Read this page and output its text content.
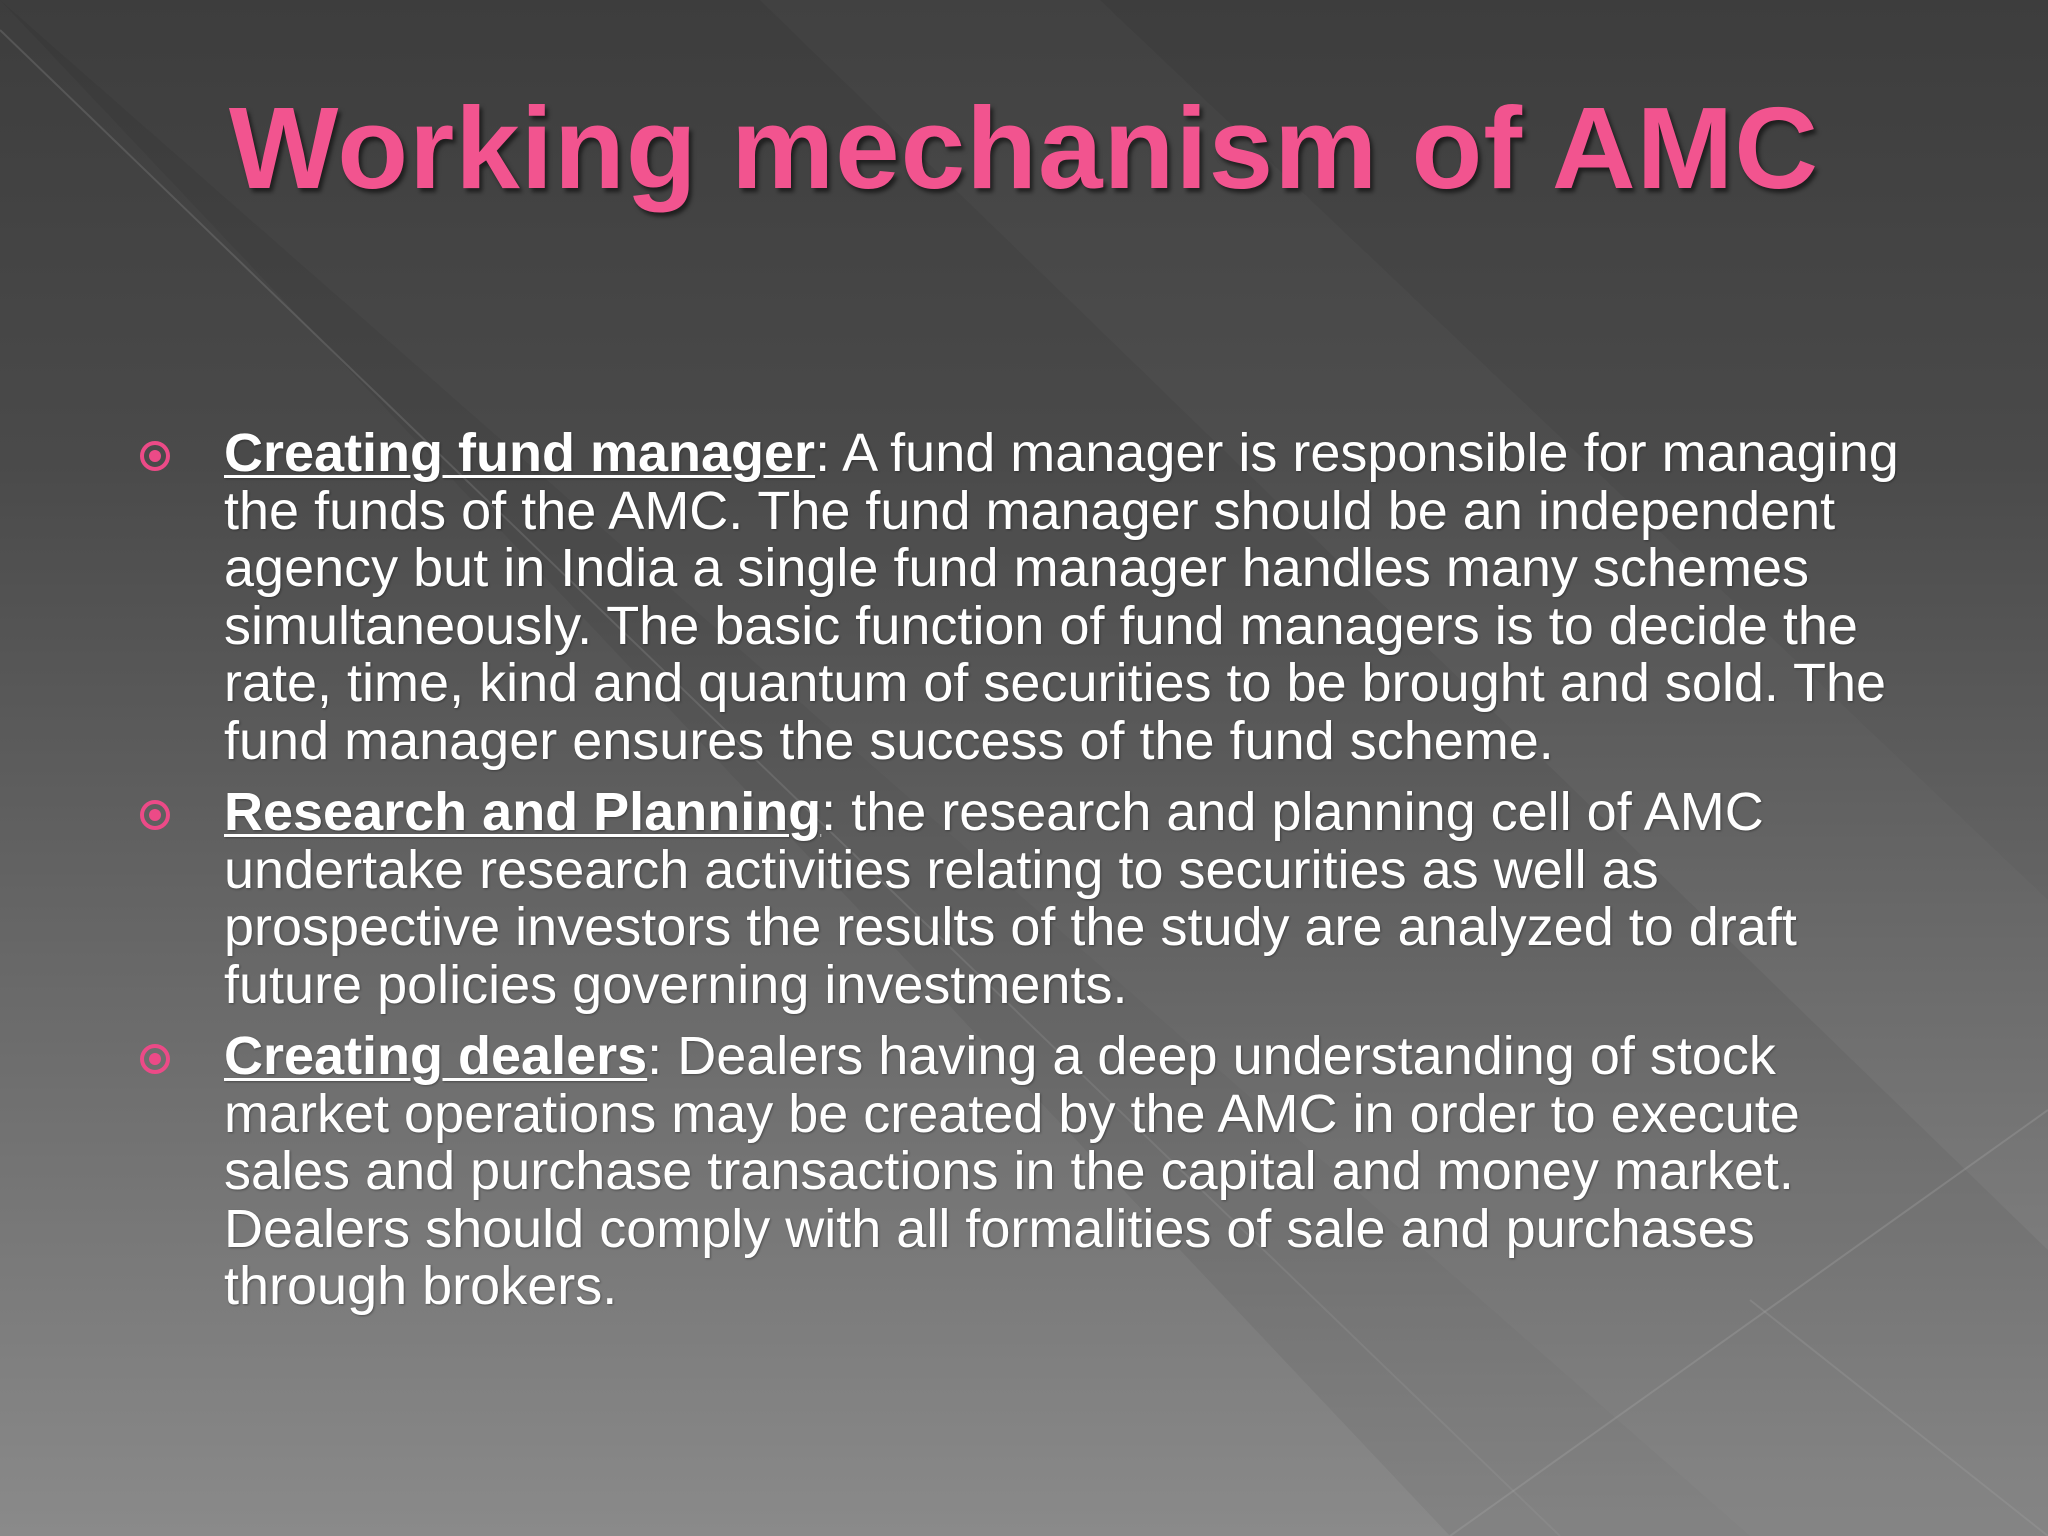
Working mechanism of AMC
Creating fund manager: A fund manager is responsible for managing the funds of the AMC. The fund manager should be an independent agency but in India a single fund manager handles many schemes simultaneously. The basic function of fund managers is to decide the rate, time, kind and quantum of securities to be brought and sold. The fund manager ensures the success of the fund scheme.
Research and Planning: the research and planning cell of AMC undertake research activities relating to securities as well as prospective investors the results of the study are analyzed to draft future policies governing investments.
Creating dealers: Dealers having a deep understanding of stock market operations may be created by the AMC in order to execute sales and purchase transactions in the capital and money market. Dealers should comply with all formalities of sale and purchases through brokers.
